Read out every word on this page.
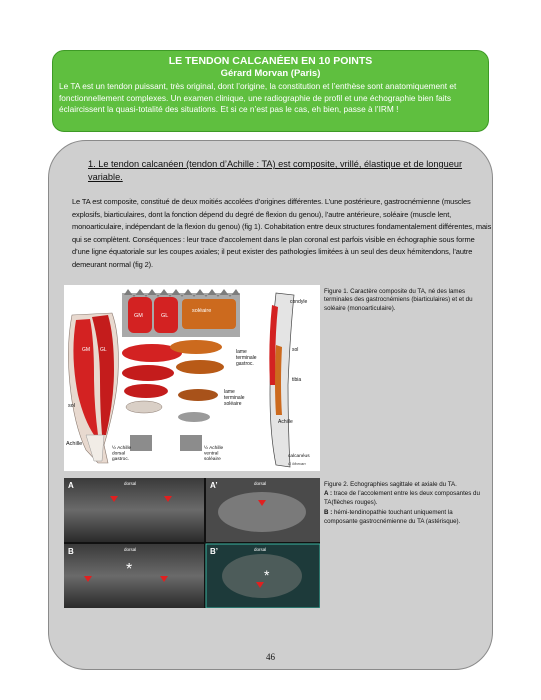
LE TENDON CALCANÉEN EN 10 POINTS
Gérard Morvan (Paris)
Le TA est un tendon puissant, très original, dont l’origine, la constitution et l’enthèse sont anatomiquement et fonctionnellement complexes. Un examen clinique, une radiographie de profil et une échographie bien faits éclaircissent la quasi-totalité des situations. Et si ce n’est pas le cas, eh bien, passe à l’IRM !
1. Le tendon calcanéen (tendon d’Achille : TA) est composite, vrillé, élastique et de longueur variable.
Le TA est composite, constitué de deux moitiés accolées d’origines différentes. L’une postérieure, gastrocnémienne (muscles explosifs, biarticulaires, dont la fonction dépend du degré de flexion du genou), l’autre antérieure, soléaire (muscle lent, monoarticulaire, indépendant de la flexion du genou) (fig 1). Cohabitation entre deux structures fondamentalement différentes, mais qui se complètent. Conséquences : leur trace d’accolement dans le plan coronal est parfois visible en échographie sous forme d’une ligne équatoriale sur les coupes axiales; il peut exister des pathologies limitées à un seul des deux hémitendons, l’autre demeurant normal (fig 2).
GM GL
sol
Achille
GM	GL
soléaire
lame terminale gastroc.
lame terminale soléaire
½ Achille dorsal gastroc.
½ Achille ventral soléaire
condyle
sol
tibia
Achille
calcanéus
G Morvan
Figure 1. Caractère composite du TA, né des lames terminales des gastrocnémiens (biarticulaires) et et du soléaire (monoarticulaire).
A	A’
B	B’
dorsal	dorsal
dorsal	dorsal
*	*
Figure 2. Echographies sagittale et axiale du TA.
A : trace de l’accolement entre les deux composantes du TA(flèches rouges).
B : hémi-tendinopathie touchant uniquement la composante gastrocnémienne du TA (astérisque).
46
